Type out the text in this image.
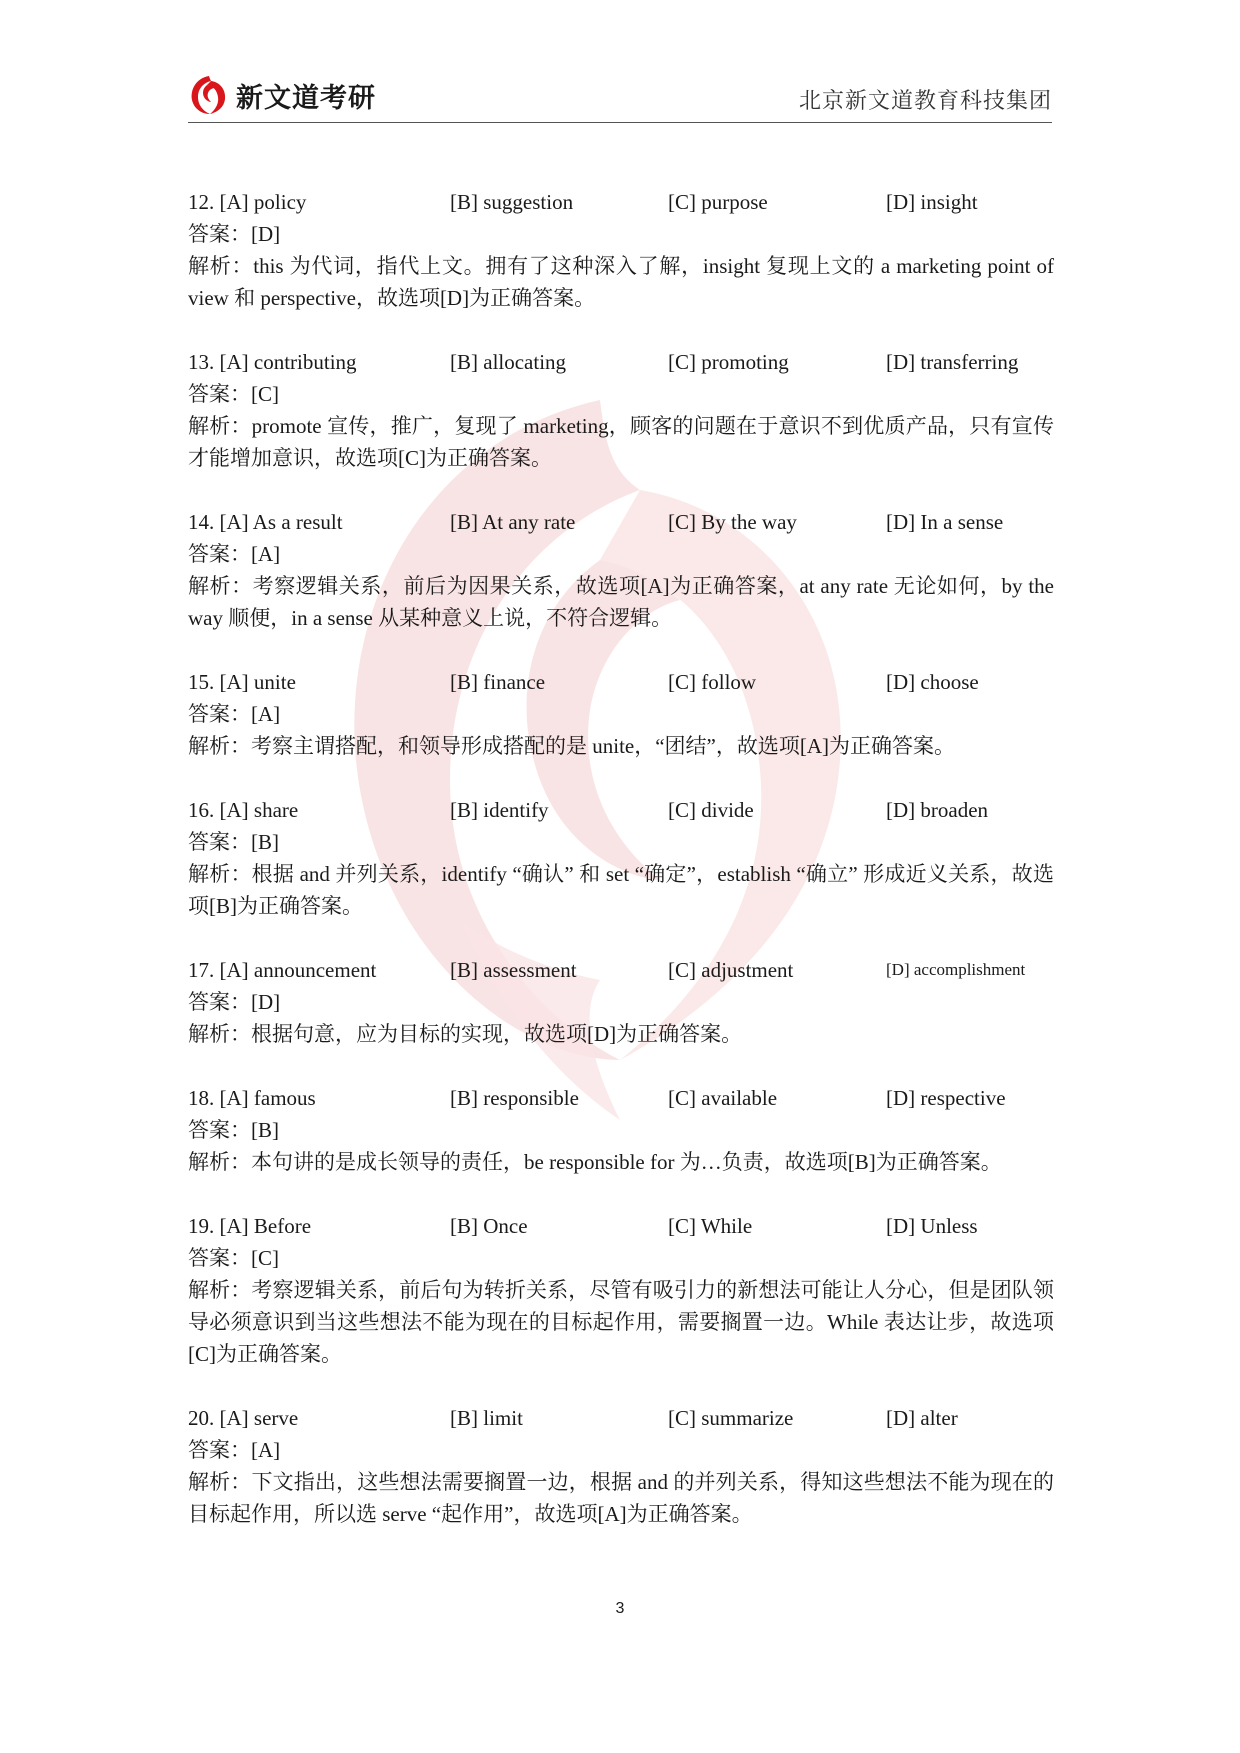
新文道考研	北京新文道教育科技集团
12. [A] policy	[B] suggestion	[C] purpose	[D] insight
答案：[D]
解析：this 为代词，指代上文。拥有了这种深入了解，insight 复现上文的 a marketing point of view 和 perspective，故选项[D]为正确答案。
13. [A] contributing	[B] allocating	[C] promoting	[D] transferring
答案：[C]
解析：promote 宣传，推广，复现了 marketing，顾客的问题在于意识不到优质产品，只有宣传才能增加意识，故选项[C]为正确答案。
14. [A] As a result	[B] At any rate	[C] By the way	[D] In a sense
答案：[A]
解析：考察逻辑关系，前后为因果关系，故选项[A]为正确答案，at any rate 无论如何，by the way 顺便，in a sense 从某种意义上说，不符合逻辑。
15. [A] unite	[B] finance	[C] follow	[D] choose
答案：[A]
解析：考察主谓搭配，和领导形成搭配的是 unite，“团结”，故选项[A]为正确答案。
16. [A] share	[B] identify	[C] divide	[D] broaden
答案：[B]
解析：根据 and 并列关系，identify “确认” 和 set “确定”，establish “确立” 形成近义关系，故选项[B]为正确答案。
17. [A] announcement	[B] assessment	[C] adjustment	[D] accomplishment
答案：[D]
解析：根据句意，应为目标的实现，故选项[D]为正确答案。
18. [A] famous	[B] responsible	[C] available	[D] respective
答案：[B]
解析：本句讲的是成长领导的责任，be responsible for 为…负责，故选项[B]为正确答案。
19. [A] Before	[B] Once	[C] While	[D] Unless
答案：[C]
解析：考察逻辑关系，前后句为转折关系，尽管有吸引力的新想法可能让人分心，但是团队领导必须意识到当这些想法不能为现在的目标起作用，需要搁置一边。While 表达让步，故选项[C]为正确答案。
20. [A] serve	[B] limit	[C] summarize	[D] alter
答案：[A]
解析：下文指出，这些想法需要搁置一边，根据 and 的并列关系，得知这些想法不能为现在的目标起作用，所以选 serve “起作用”，故选项[A]为正确答案。
3
